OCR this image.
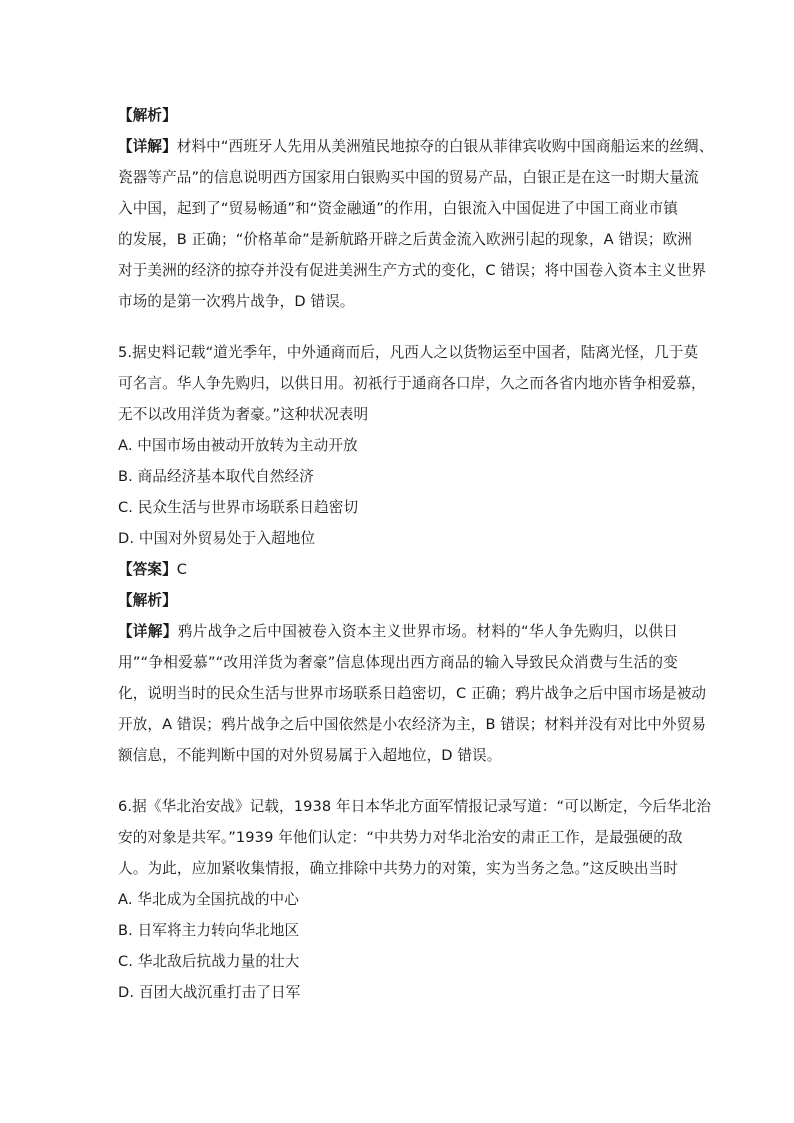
【解析】
【详解】材料中“西班牙人先用从美洲殖民地掠夺的白银从菲律宾收购中国商船运来的丝绸、
瓷器等产品”的信息说明西方国家用白银购买中国的贸易产品，白银正是在这一时期大量流
入中国，起到了“贸易畅通”和“资金融通”的作用，白银流入中国促进了中国工商业市镇
的发展，B 正确；“价格革命”是新航路开辟之后黄金流入欧洲引起的现象，A 错误；欧洲
对于美洲的经济的掠夺并没有促进美洲生产方式的变化，C 错误；将中国卷入资本主义世界
市场的是第一次鸦片战争，D 错误。
5.据史料记载“道光季年，中外通商而后，凡西人之以货物运至中国者，陆离光怪，几于莫
可名言。华人争先购归，以供日用。初祇行于通商各口岸，久之而各省内地亦皆争相爱慕，
无不以改用洋货为奢豪。”这种状况表明
A. 中国市场由被动开放转为主动开放
B. 商品经济基本取代自然经济
C. 民众生活与世界市场联系日趋密切
D. 中国对外贸易处于入超地位
【答案】C
【解析】
【详解】鸦片战争之后中国被卷入资本主义世界市场。材料的“华人争先购归，以供日
用”“争相爱慕”“改用洋货为奢豪”信息体现出西方商品的输入导致民众消费与生活的变
化，说明当时的民众生活与世界市场联系日趋密切，C 正确；鸦片战争之后中国市场是被动
开放，A 错误；鸦片战争之后中国依然是小农经济为主，B 错误；材料并没有对比中外贸易
额信息，不能判断中国的对外贸易属于入超地位，D 错误。
6.据《华北治安战》记载，1938 年日本华北方面军情报记录写道：“可以断定，今后华北治
安的对象是共军。”1939 年他们认定：“中共势力对华北治安的肃正工作，是最强硬的敌
人。为此，应加紧收集情报，确立排除中共势力的对策，实为当务之急。”这反映出当时
A. 华北成为全国抗战的中心
B. 日军将主力转向华北地区
C. 华北敌后抗战力量的壮大
D. 百团大战沉重打击了日军
